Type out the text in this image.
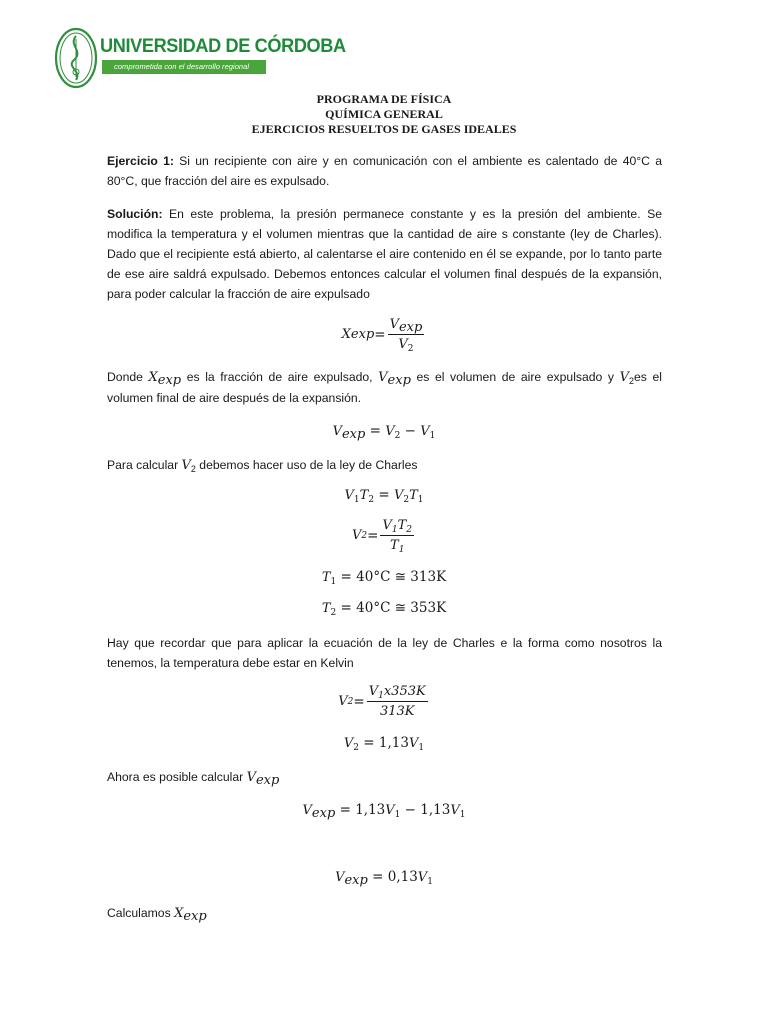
UNIVERSIDAD DE CÓRDOBA
comprometida con el desarrollo regional
PROGRAMA DE FÍSICA
QUÍMICA GENERAL
EJERCICIOS RESUELTOS DE GASES IDEALES
Ejercicio 1: Si un recipiente con aire y en comunicación con el ambiente es calentado de 40°C a 80°C, que fracción del aire es expulsado.
Solución: En este problema, la presión permanece constante y es la presión del ambiente. Se modifica la temperatura y el volumen mientras que la cantidad de aire s constante (ley de Charles). Dado que el recipiente está abierto, al calentarse el aire contenido en él se expande, por lo tanto parte de ese aire saldrá expulsado. Debemos entonces calcular el volumen final después de la expansión, para poder calcular la fracción de aire expulsado
X $\exp = \frac{V_{exp}}{V_2}$
Donde $X_{exp}$ es la fracción de aire expulsado, $V_{exp}$ es el volumen de aire expulsado y $V_2es$ el volumen final de aire después de la expansión.
$V_{exp} = V_2 - V_1$
Para calcular $V_2$ debemos hacer uso de la ley de Charles
$V_1T_2 = V_2T_1$
V $2 = \frac{V_1T_2}{T_1}$
$T_1 = 40^\circ C$ ≅ 313K
$T_2 = 40^\circ C$ ≅ 353K
Hay que recordar que para aplicar la ecuación de la ley de Charles e la forma como nosotros la tenemos, la temperatura debe estar en Kelvin
V $2 = \frac{V_1x353K}{313K}$
$V_2 = 1,13V_1$
Ahora es posible calcular $V_{exp}$
$V_{exp} = 1,13V_1 - 1,13V_1$
$V_{exp} = 0,13V_1$
Calculamos $X_{exp}$
